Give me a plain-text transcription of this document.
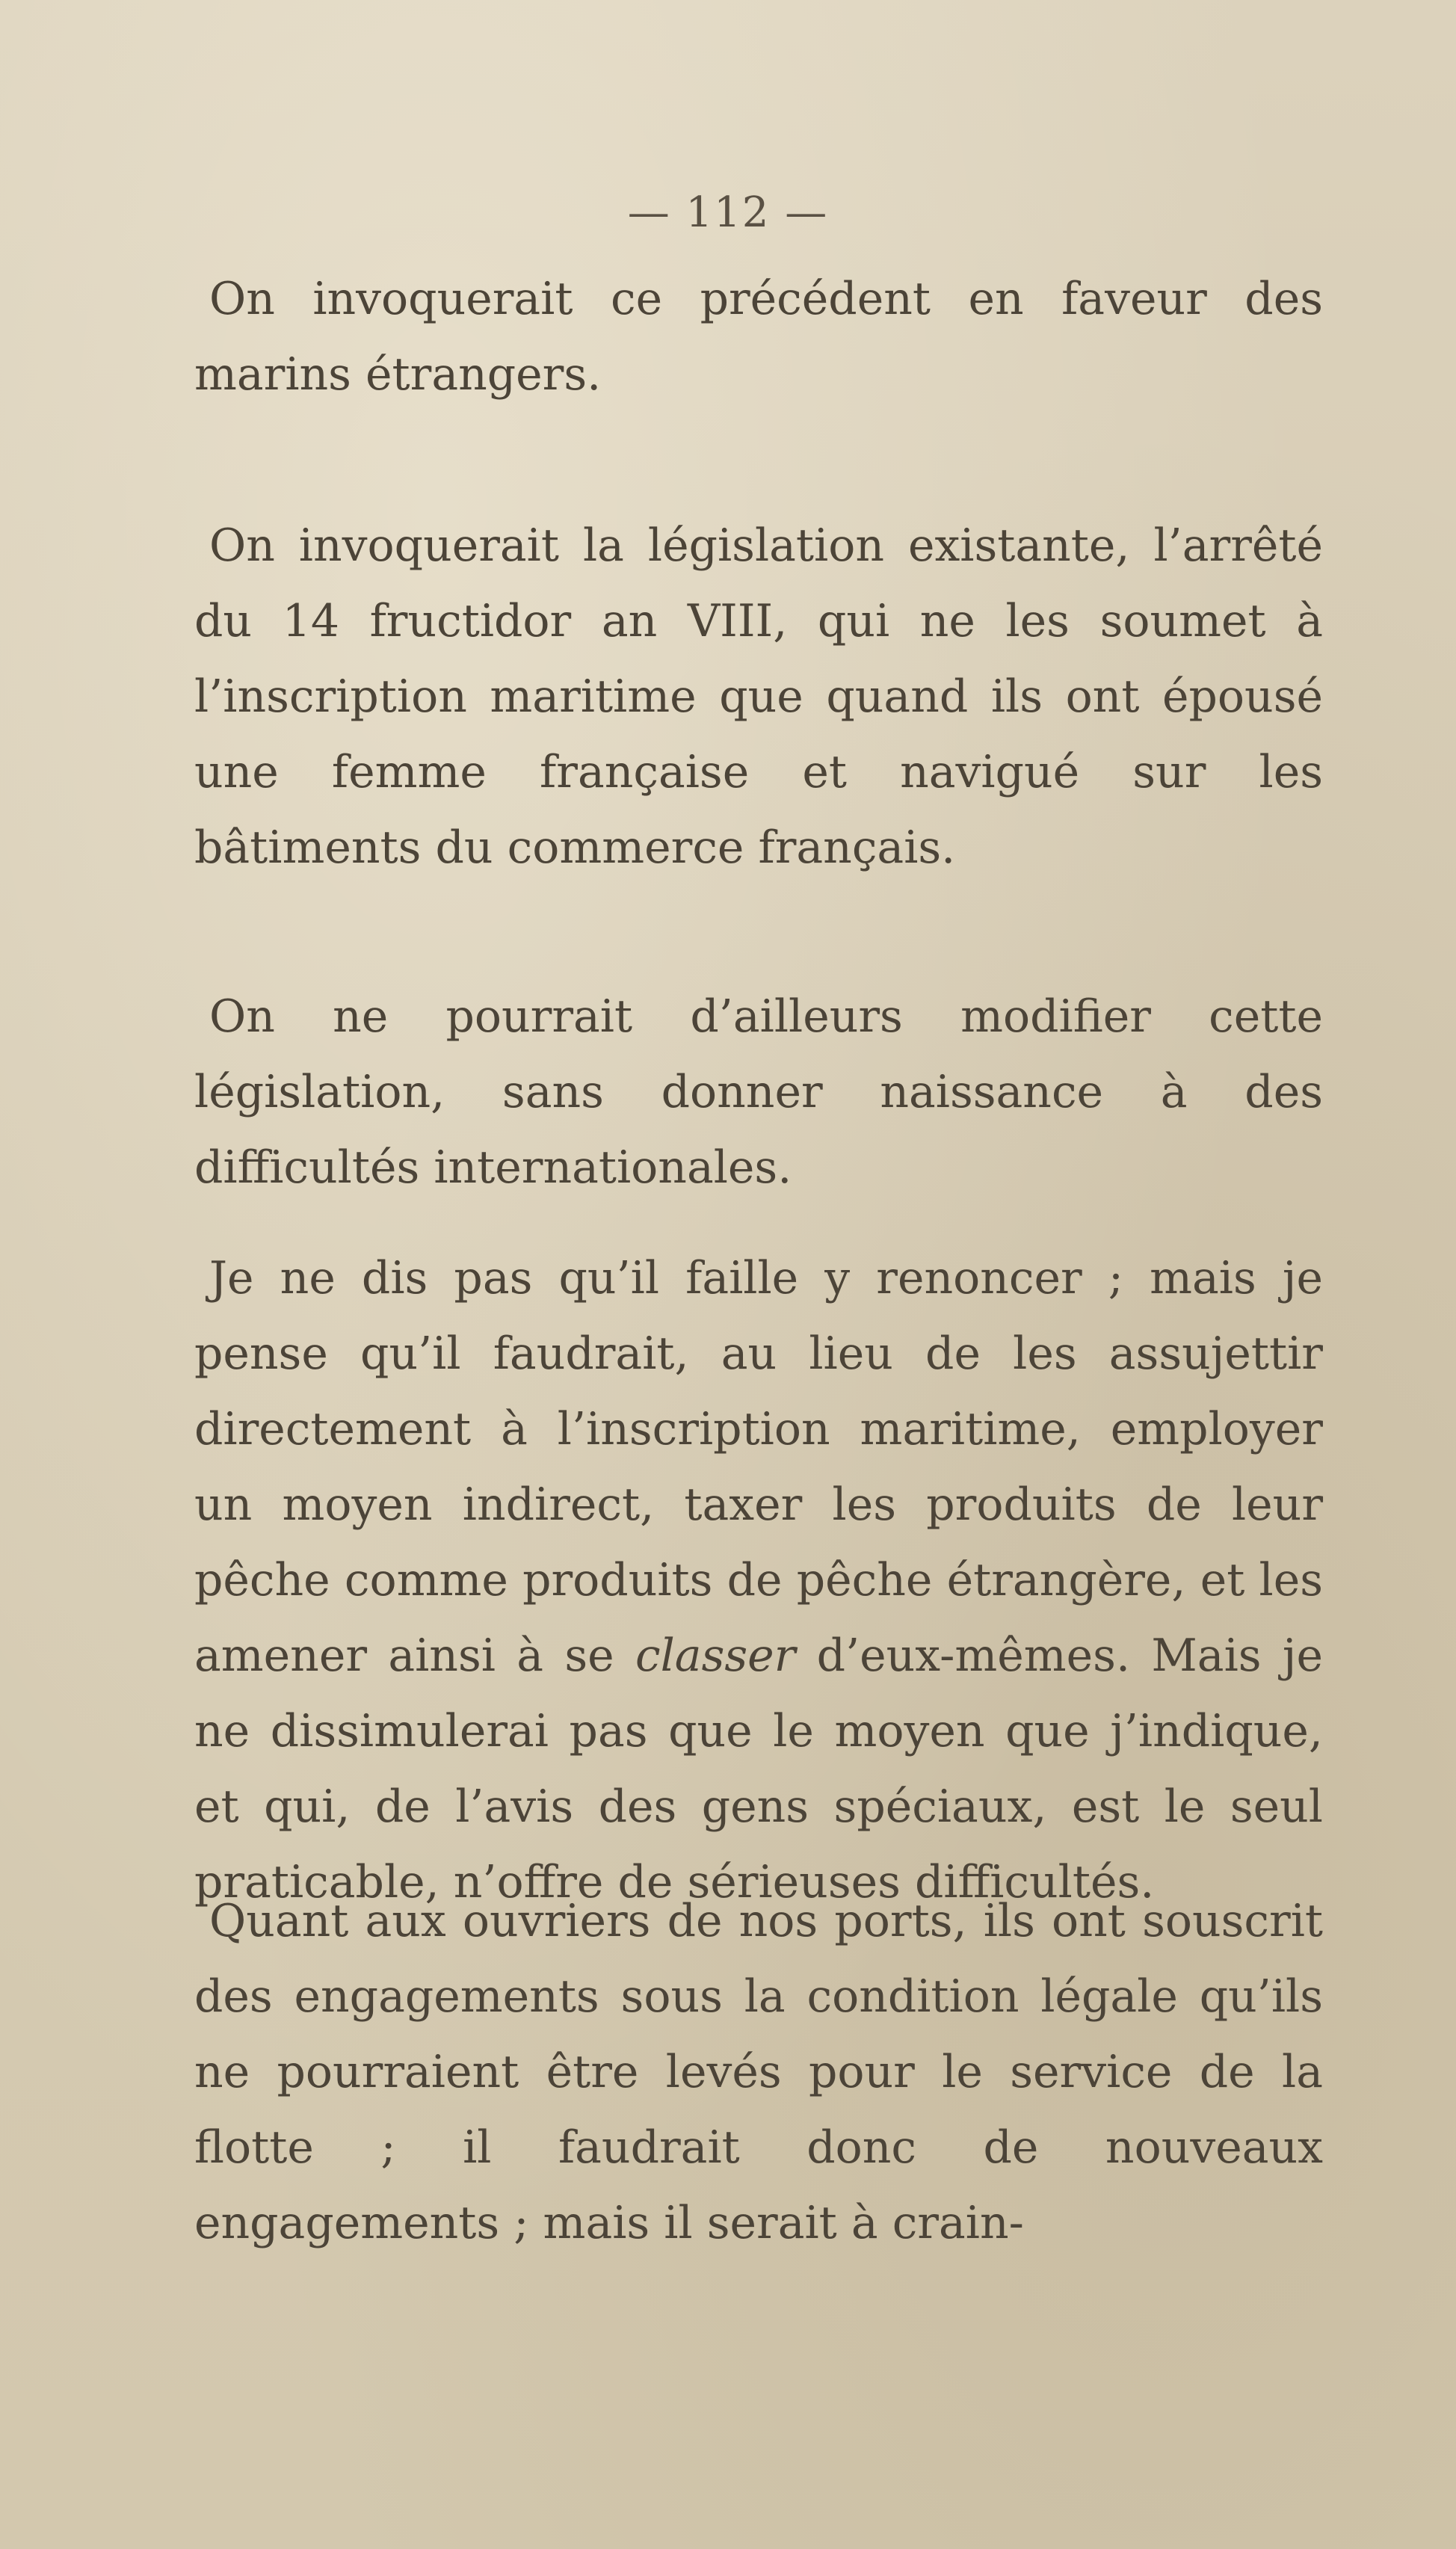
— 112 —

On invoquerait ce précédent en faveur des marins étrangers.

On invoquerait la législation existante, l’arrêté du 14 fructidor an VIII, qui ne les soumet à l’inscription maritime que quand ils ont épousé une femme française et navigué sur les bâtiments du commerce français.

On ne pourrait d’ailleurs modifier cette législation, sans donner naissance à des difficultés internationales.

Je ne dis pas qu’il faille y renoncer ; mais je pense qu’il faudrait, au lieu de les assujettir directement à l’inscription maritime, employer un moyen indirect, taxer les produits de leur pêche comme produits de pêche étrangère, et les amener ainsi à se classer d’eux-mêmes. Mais je ne dissimulerai pas que le moyen que j’indique, et qui, de l’avis des gens spéciaux, est le seul praticable, n’offre de sérieuses difficultés.

Quant aux ouvriers de nos ports, ils ont souscrit des engagements sous la condition légale qu’ils ne pourraient être levés pour le service de la flotte ; il faudrait donc de nouveaux engagements ; mais il serait à crain-
